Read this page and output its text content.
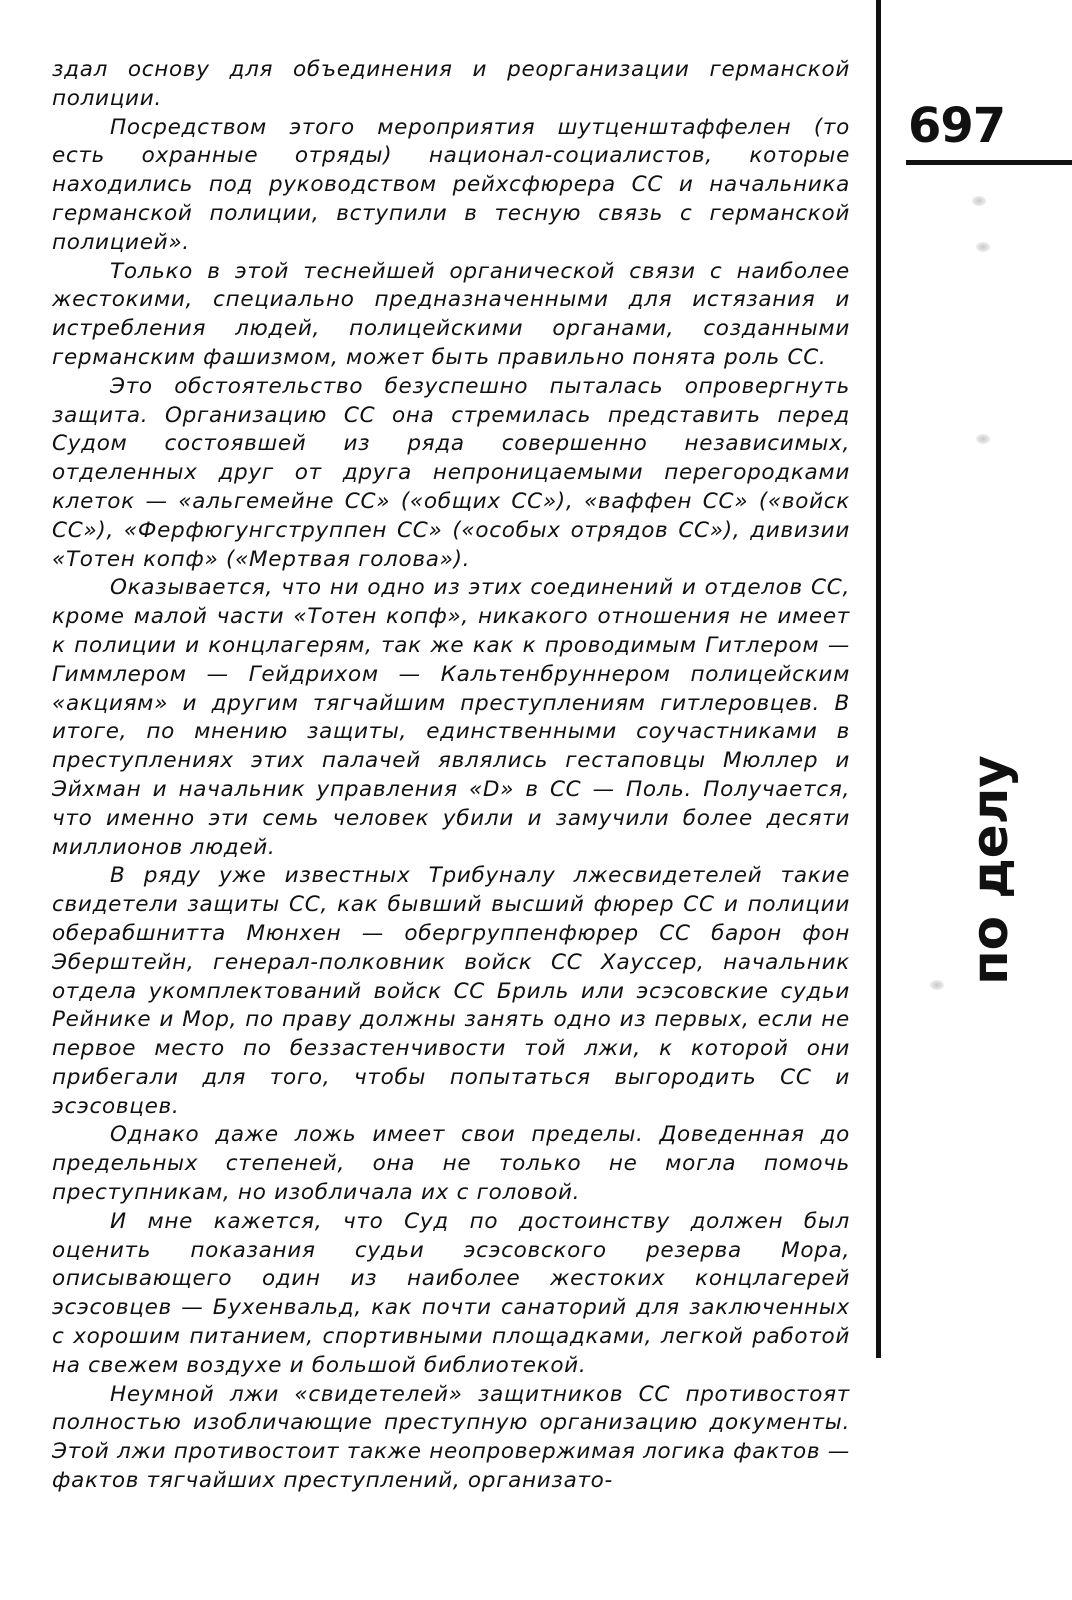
здал основу для объединения и реорганизации германской полиции.

Посредством этого мероприятия шутценштаффелен (то есть охранные отряды) национал-социалистов, которые находились под руководством рейхсфюрера СС и начальника германской полиции, вступили в тесную связь с германской полицией».

Только в этой теснейшей органической связи с наиболее жестокими, специально предназначенными для истязания и истребления людей, полицейскими органами, созданными германским фашизмом, может быть правильно понята роль СС.

Это обстоятельство безуспешно пыталась опровергнуть защита. Организацию СС она стремилась представить перед Судом состоявшей из ряда совершенно независимых, отделенных друг от друга непроницаемыми перегородками клеток — «альгемейне СС» («общих СС»), «ваффен СС» («войск СС»), «Ферфюгунгструппен СС» («особых отрядов СС»), дивизии «Тотен копф» («Мертвая голова»).

Оказывается, что ни одно из этих соединений и отделов СС, кроме малой части «Тотен копф», никакого отношения не имеет к полиции и концлагерям, так же как к проводимым Гитлером — Гиммлером — Гейдрихом — Кальтенбруннером полицейским «акциям» и другим тягчайшим преступлениям гитлеровцев. В итоге, по мнению защиты, единственными соучастниками в преступлениях этих палачей являлись гестаповцы Мюллер и Эйхман и начальник управления «D» в СС — Поль. Получается, что именно эти семь человек убили и замучили более десяти миллионов людей.

В ряду уже известных Трибуналу лжесвидетелей такие свидетели защиты СС, как бывший высший фюрер СС и полиции оберабшнитта Мюнхен — обергруппенфюрер СС барон фон Эберштейн, генерал-полковник войск СС Хауссер, начальник отдела укомплектований войск СС Бриль или эсэсовские судьи Рейнике и Мор, по праву должны занять одно из первых, если не первое место по беззастенчивости той лжи, к которой они прибегали для того, чтобы попытаться выгородить СС и эсэсовцев.

Однако даже ложь имеет свои пределы. Доведенная до предельных степеней, она не только не могла помочь преступникам, но изобличала их с головой.

И мне кажется, что Суд по достоинству должен был оценить показания судьи эсэсовского резерва Мора, описывающего один из наиболее жестоких концлагерей эсэсовцев — Бухенвальд, как почти санаторий для заключенных с хорошим питанием, спортивными площадками, легкой работой на свежем воздухе и большой библиотекой.

Неумной лжи «свидетелей» защитников СС противостоят полностью изобличающие преступную организацию документы. Этой лжи противостоит также неопровержимая логика фактов — фактов тягчайших преступлений, организато-

697
по делу
